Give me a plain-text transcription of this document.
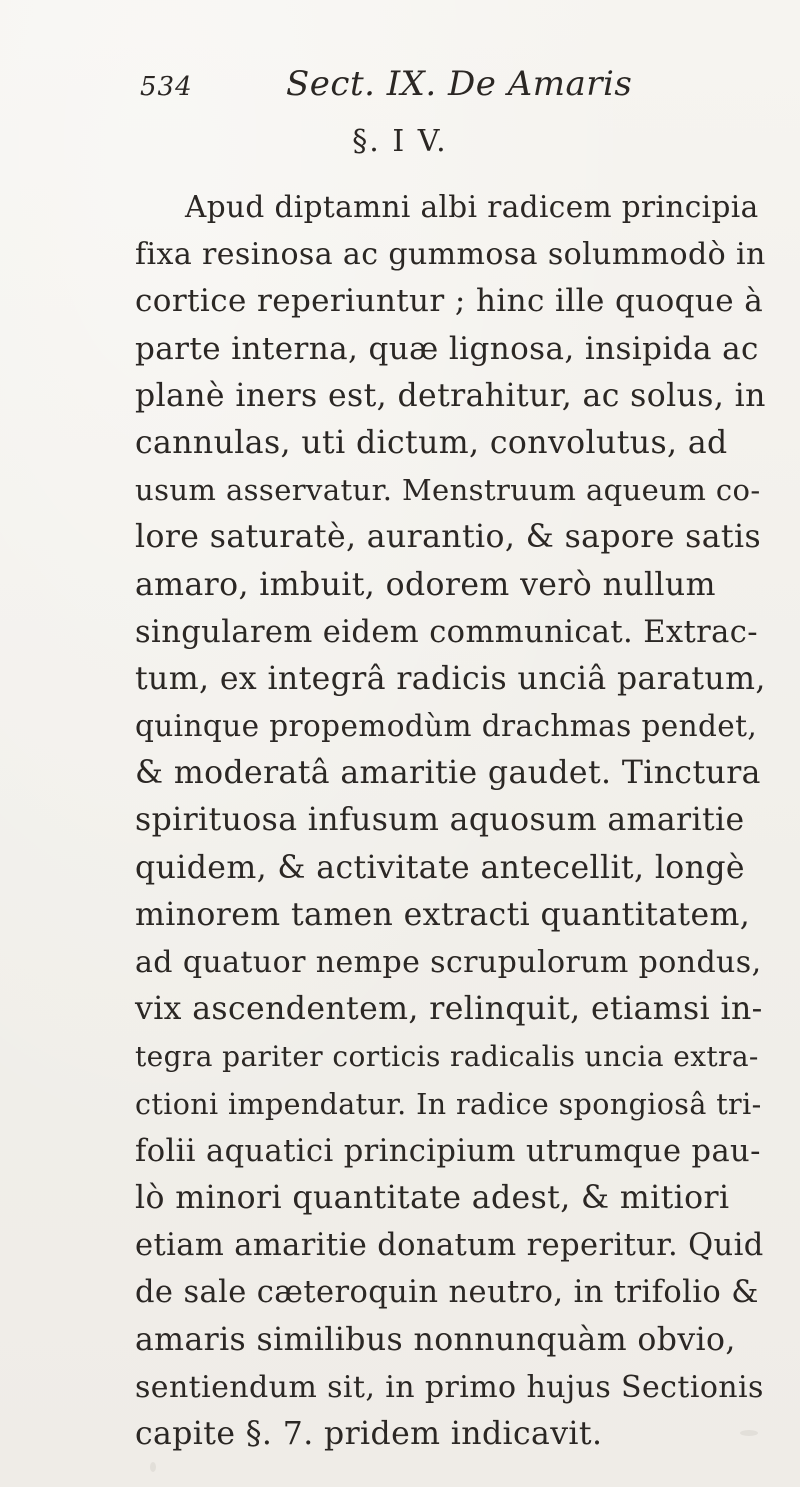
534	Sect. IX. De Amaris
§. I V.
Apud diptamni albi radicem principia
fixa resinosa ac gummosa solummodò in
cortice reperiuntur ; hinc ille quoque à
parte interna, quæ lignosa, insipida ac
planè iners est, detrahitur, ac solus, in
cannulas, uti dictum, convolutus, ad
usum asservatur. Menstruum aqueum co-
lore saturatè, aurantio, & sapore satis
amaro, imbuit, odorem verò nullum
singularem eidem communicat. Extrac-
tum, ex integrâ radicis unciâ paratum,
quinque propemodùm drachmas pendet,
& moderatâ amaritie gaudet. Tinctura
spirituosa infusum aquosum amaritie
quidem, & activitate antecellit, longè
minorem tamen extracti quantitatem,
ad quatuor nempe scrupulorum pondus,
vix ascendentem, relinquit, etiamsi in-
tegra pariter corticis radicalis uncia extra-
ctioni impendatur. In radice spongiosâ tri-
folii aquatici principium utrumque pau-
lò minori quantitate adest, & mitiori
etiam amaritie donatum reperitur. Quid
de sale cæteroquin neutro, in trifolio &
amaris similibus nonnunquàm obvio,
sentiendum sit, in primo hujus Sectionis
capite §. 7. pridem indicavit.
